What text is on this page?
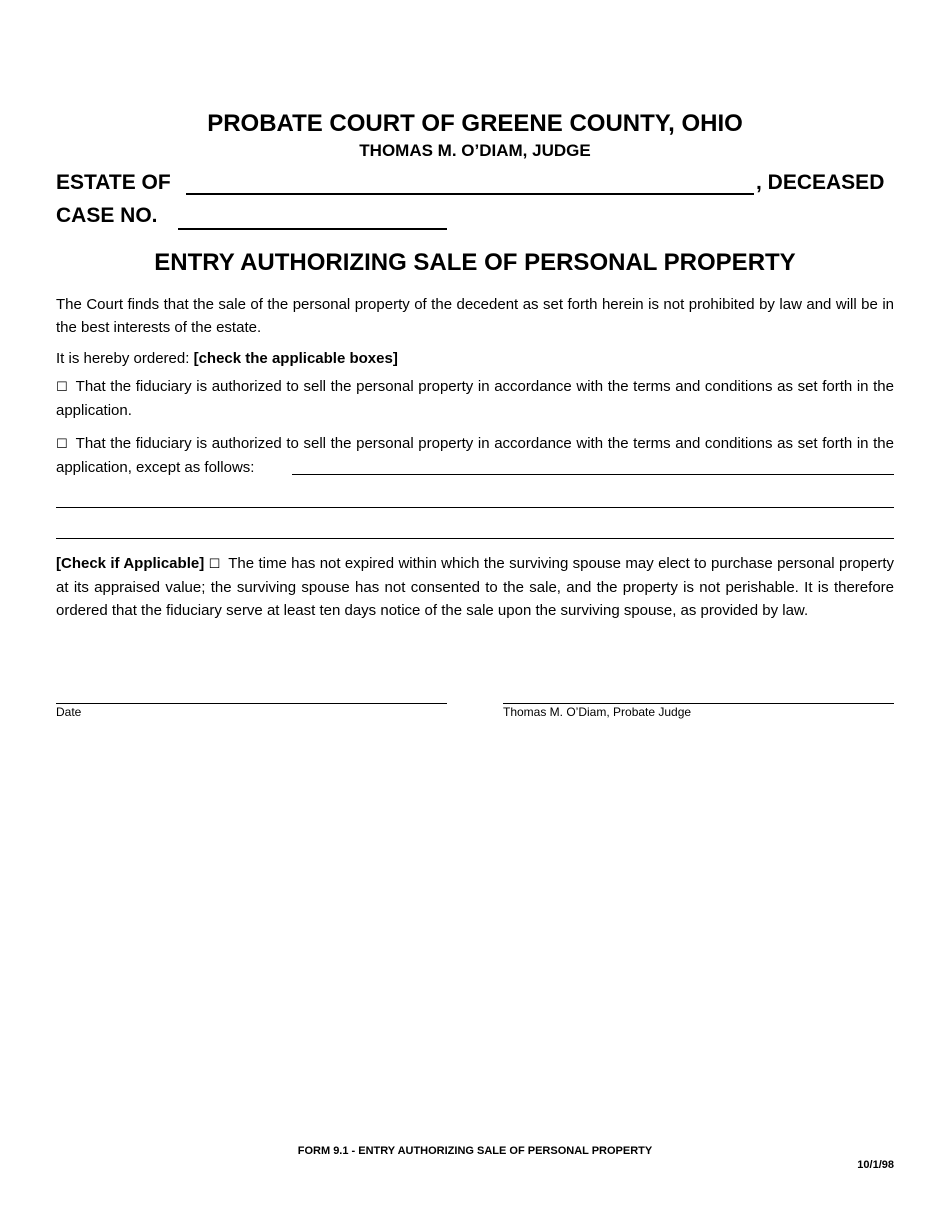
PROBATE COURT OF GREENE COUNTY, OHIO
THOMAS M. O’DIAM, JUDGE
ESTATE OF	, DECEASED
CASE NO.
ENTRY AUTHORIZING SALE OF PERSONAL PROPERTY
The Court finds that the sale of the personal property of the decedent as set forth herein is not prohibited by law and will be in the best interests of the estate.
It is hereby ordered: [check the applicable boxes]
☐ That the fiduciary is authorized to sell the personal property in accordance with the terms and conditions as set forth in the application.
☐ That the fiduciary is authorized to sell the personal property in accordance with the terms and conditions as set forth in the application, except as follows:
[Check if Applicable] ☐ The time has not expired within which the surviving spouse may elect to purchase personal property at its appraised value; the surviving spouse has not consented to the sale, and the property is not perishable. It is therefore ordered that the fiduciary serve at least ten days notice of the sale upon the surviving spouse, as provided by law.
Date	Thomas M. O’Diam, Probate Judge
FORM 9.1 - ENTRY AUTHORIZING SALE OF PERSONAL PROPERTY
10/1/98
